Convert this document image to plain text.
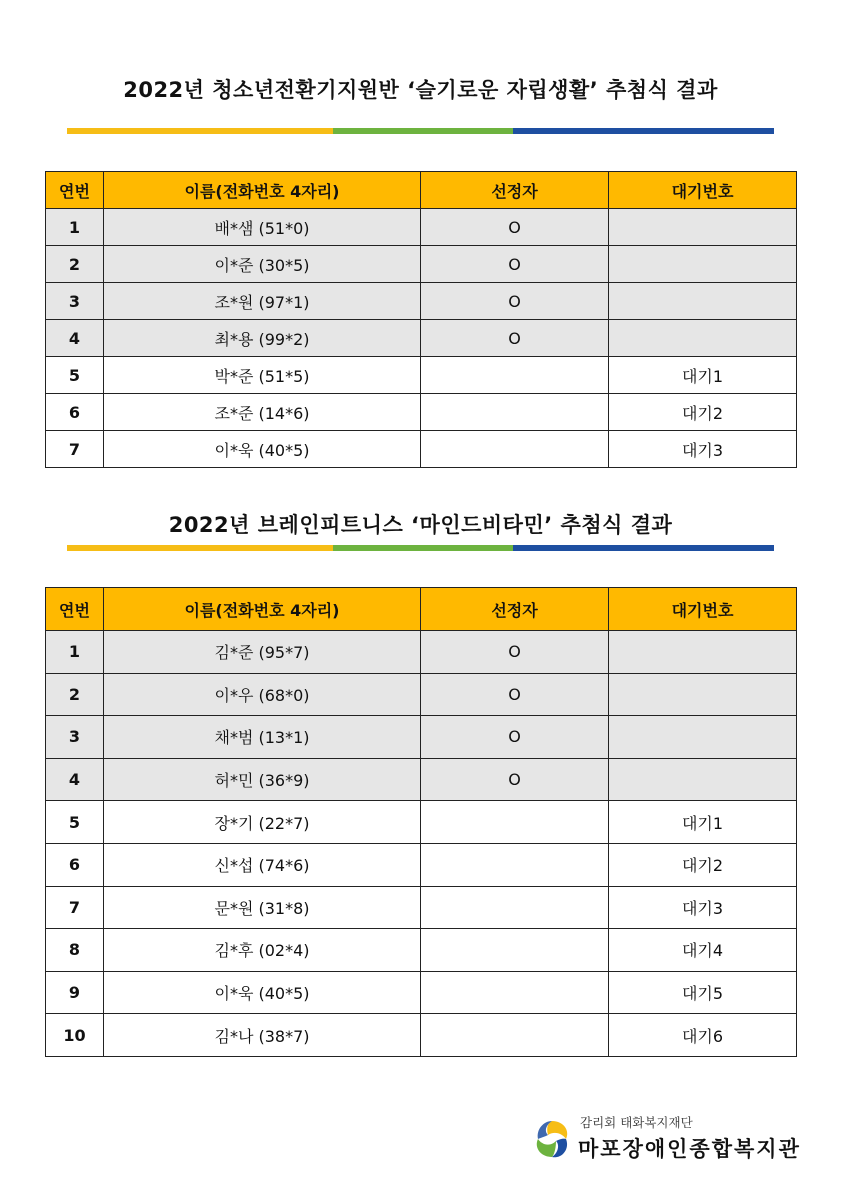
2022년 청소년전환기지원반 ‘슬기로운 자립생활’ 추첨식 결과
연번	이름(전화번호 4자리)	선정자	대기번호
1	배*샘 (51*0)	O	
2	이*준 (30*5)	O	
3	조*원 (97*1)	O	
4	최*용 (99*2)	O	
5	박*준 (51*5)		대기1
6	조*준 (14*6)		대기2
7	이*욱 (40*5)		대기3
2022년 브레인피트니스 ‘마인드비타민’ 추첨식 결과
연번	이름(전화번호 4자리)	선정자	대기번호
1	김*준 (95*7)	O	
2	이*우 (68*0)	O	
3	채*범 (13*1)	O	
4	허*민 (36*9)	O	
5	장*기 (22*7)		대기1
6	신*섭 (74*6)		대기2
7	문*원 (31*8)		대기3
8	김*후 (02*4)		대기4
9	이*욱 (40*5)		대기5
10	김*나 (38*7)		대기6
감리회 태화복지재단
마포장애인종합복지관
